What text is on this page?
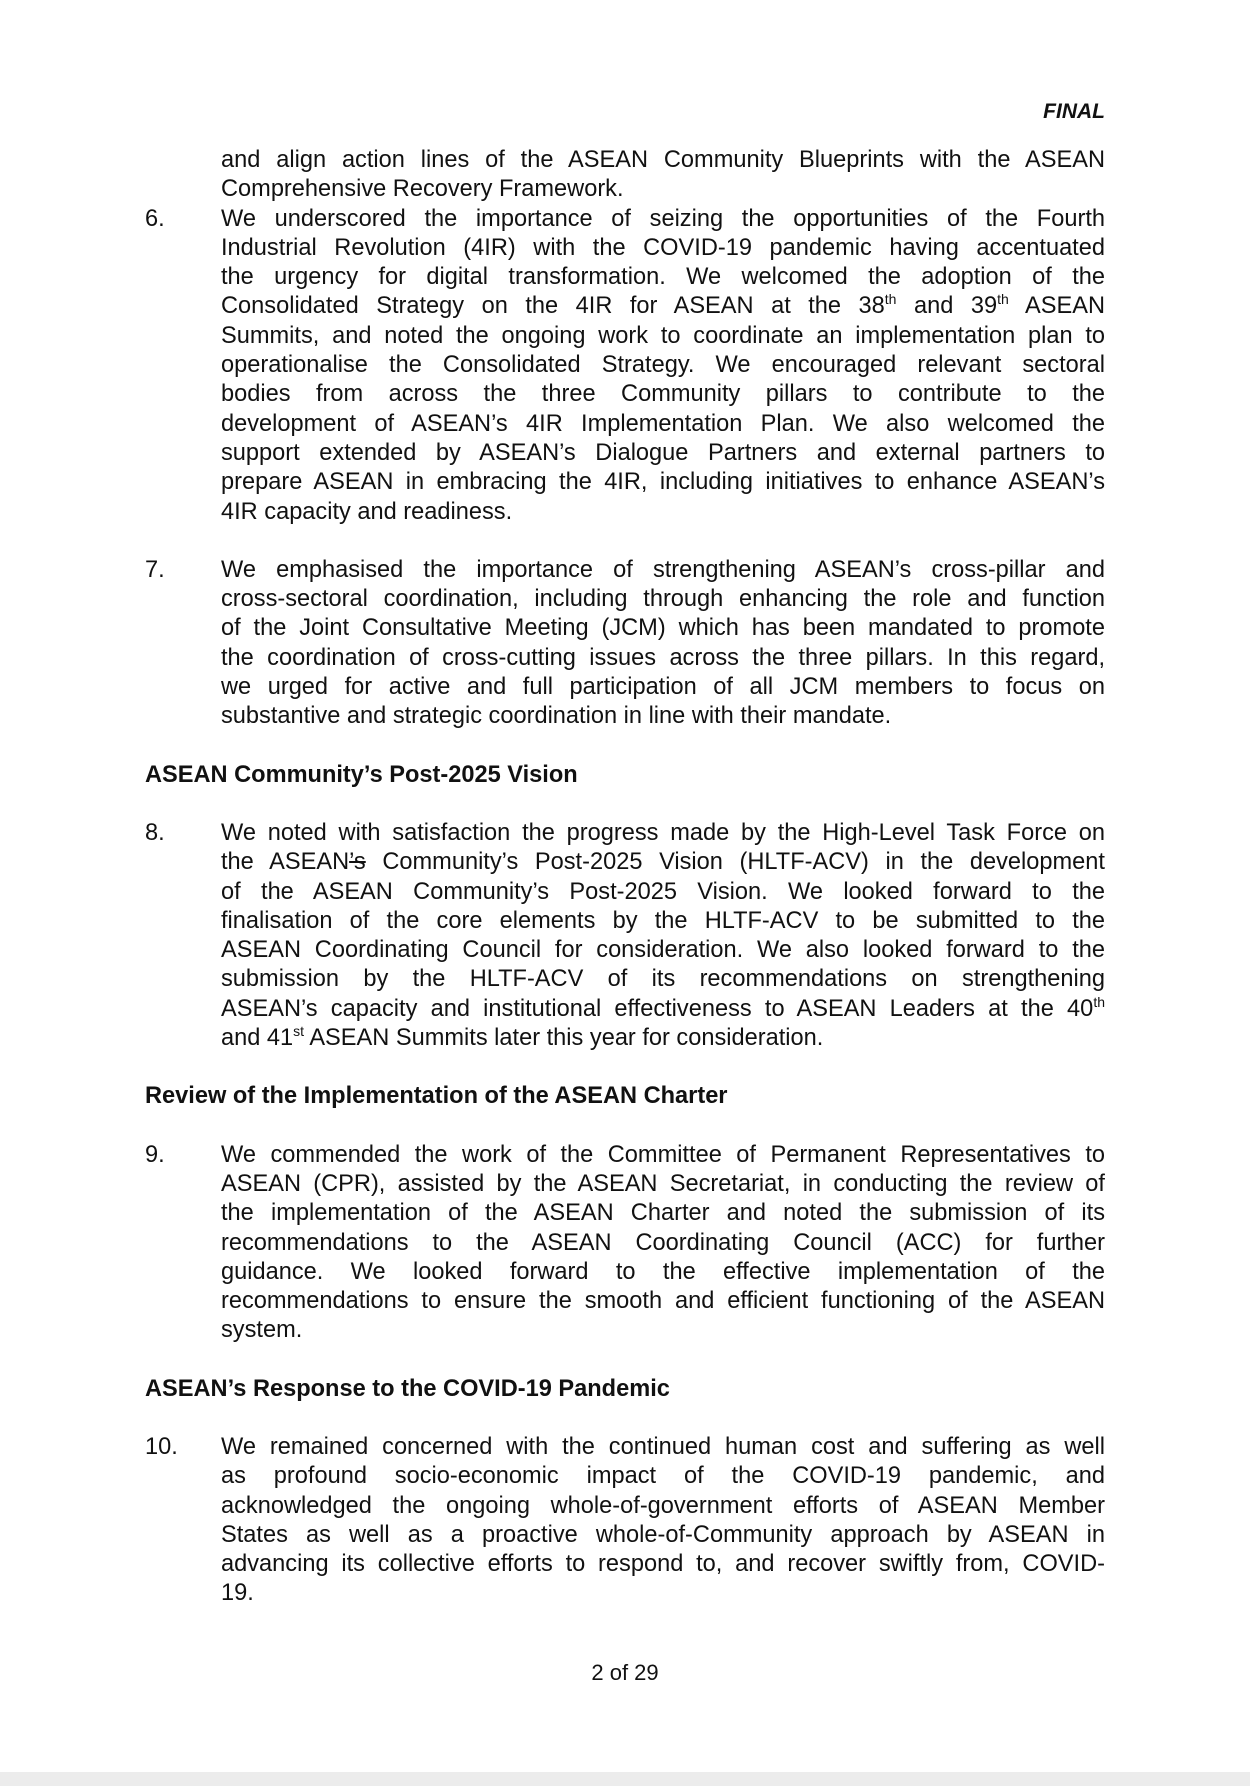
FINAL
and align action lines of the ASEAN Community Blueprints with the ASEAN
Comprehensive Recovery Framework.
6. We underscored the importance of seizing the opportunities of the Fourth
Industrial Revolution (4IR) with the COVID-19 pandemic having accentuated
the urgency for digital transformation. We welcomed the adoption of the
Consolidated Strategy on the 4IR for ASEAN at the 38th and 39th ASEAN
Summits, and noted the ongoing work to coordinate an implementation plan to
operationalise the Consolidated Strategy. We encouraged relevant sectoral
bodies from across the three Community pillars to contribute to the
development of ASEAN’s 4IR Implementation Plan. We also welcomed the
support extended by ASEAN’s Dialogue Partners and external partners to
prepare ASEAN in embracing the 4IR, including initiatives to enhance ASEAN’s
4IR capacity and readiness.
7. We emphasised the importance of strengthening ASEAN’s cross-pillar and
cross-sectoral coordination, including through enhancing the role and function
of the Joint Consultative Meeting (JCM) which has been mandated to promote
the coordination of cross-cutting issues across the three pillars. In this regard,
we urged for active and full participation of all JCM members to focus on
substantive and strategic coordination in line with their mandate.
ASEAN Community’s Post-2025 Vision
8. We noted with satisfaction the progress made by the High-Level Task Force on
the ASEAN’s Community’s Post-2025 Vision (HLTF-ACV) in the development
of the ASEAN Community’s Post-2025 Vision. We looked forward to the
finalisation of the core elements by the HLTF-ACV to be submitted to the
ASEAN Coordinating Council for consideration. We also looked forward to the
submission by the HLTF-ACV of its recommendations on strengthening
ASEAN’s capacity and institutional effectiveness to ASEAN Leaders at the 40th
and 41st ASEAN Summits later this year for consideration.
Review of the Implementation of the ASEAN Charter
9. We commended the work of the Committee of Permanent Representatives to
ASEAN (CPR), assisted by the ASEAN Secretariat, in conducting the review of
the implementation of the ASEAN Charter and noted the submission of its
recommendations to the ASEAN Coordinating Council (ACC) for further
guidance. We looked forward to the effective implementation of the
recommendations to ensure the smooth and efficient functioning of the ASEAN
system.
ASEAN’s Response to the COVID-19 Pandemic
10. We remained concerned with the continued human cost and suffering as well
as profound socio-economic impact of the COVID-19 pandemic, and
acknowledged the ongoing whole-of-government efforts of ASEAN Member
States as well as a proactive whole-of-Community approach by ASEAN in
advancing its collective efforts to respond to, and recover swiftly from, COVID-
19.
2 of 29
